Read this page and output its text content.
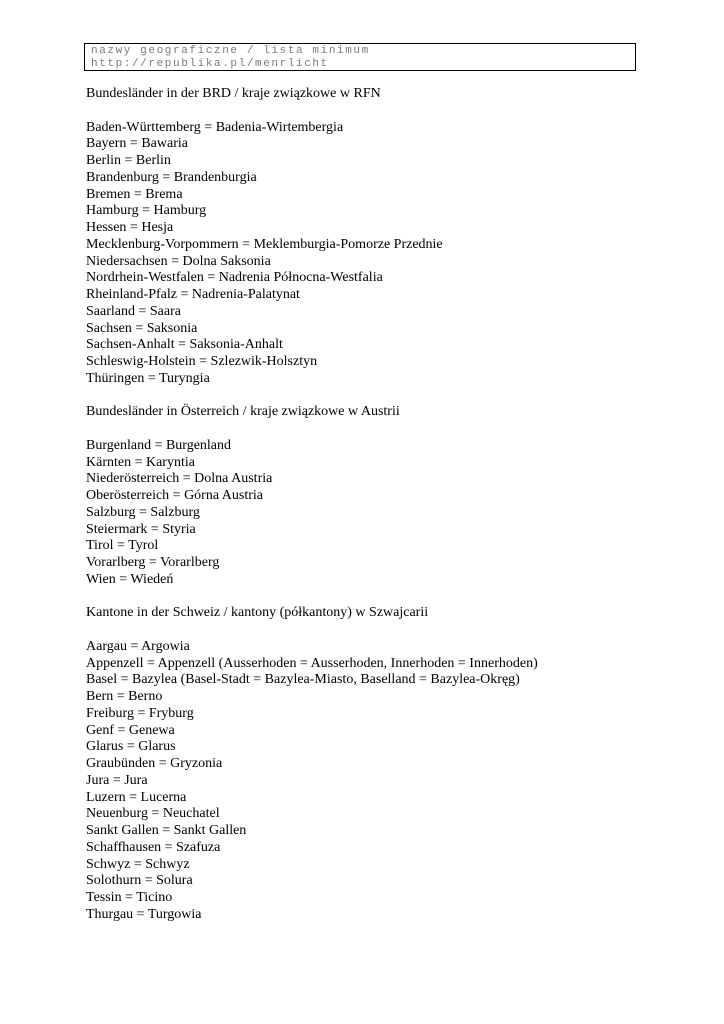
nazwy geograficzne / lista minimum
http://republika.pl/menrlicht
Bundesländer in der BRD / kraje związkowe w RFN

Baden-Württemberg = Badenia-Wirtembergia

Bayern = Bawaria

Berlin = Berlin

Brandenburg = Brandenburgia

Bremen = Brema

Hamburg = Hamburg

Hessen = Hesja

Mecklenburg-Vorpommern = Meklemburgia-Pomorze Przednie

Niedersachsen = Dolna Saksonia

Nordrhein-Westfalen = Nadrenia Północna-Westfalia

Rheinland-Pfalz = Nadrenia-Palatynat

Saarland = Saara

Sachsen = Saksonia

Sachsen-Anhalt = Saksonia-Anhalt

Schleswig-Holstein = Szlezwik-Holsztyn

Thüringen = Turyngia

Bundesländer in Österreich / kraje związkowe w Austrii

Burgenland = Burgenland

Kärnten = Karyntia

Niederösterreich = Dolna Austria

Oberösterreich = Górna Austria

Salzburg = Salzburg

Steiermark = Styria

Tirol = Tyrol

Vorarlberg = Vorarlberg

Wien = Wiedeń

Kantone in der Schweiz / kantony (półkantony) w Szwajcarii

Aargau = Argowia

Appenzell = Appenzell (Ausserhoden = Ausserhoden, Innerhoden = Innerhoden)

Basel = Bazylea (Basel-Stadt = Bazylea-Miasto, Baselland = Bazylea-Okręg)

Bern = Berno

Freiburg = Fryburg

Genf = Genewa

Glarus = Glarus

Graubünden = Gryzonia

Jura = Jura

Luzern = Lucerna

Neuenburg = Neuchatel

Sankt Gallen = Sankt Gallen

Schaffhausen = Szafuza

Schwyz = Schwyz

Solothurn = Solura

Tessin = Ticino

Thurgau = Turgowia
